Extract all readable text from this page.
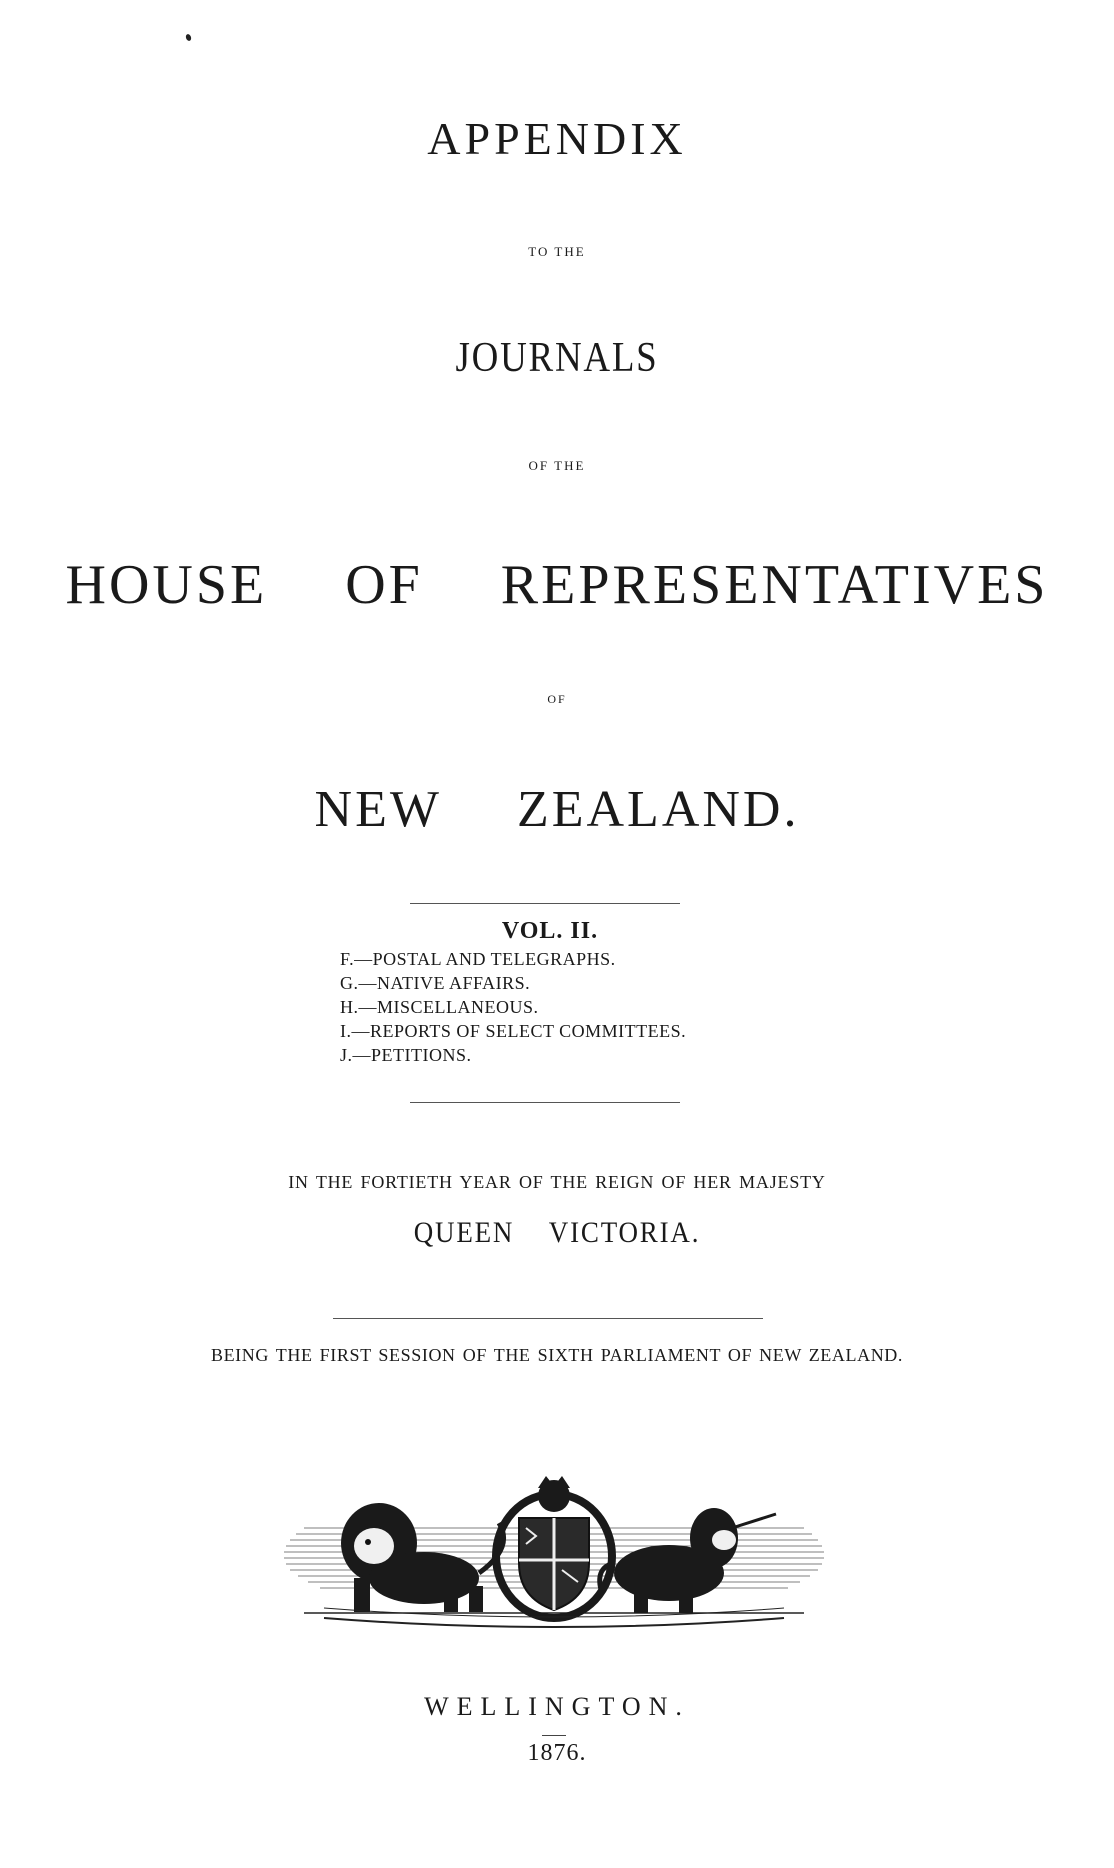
APPENDIX
TO THE
JOURNALS
OF THE
HOUSE  OF  REPRESENTATIVES
OF
NEW  ZEALAND.
VOL. II.
F.—POSTAL AND TELEGRAPHS.
G.—NATIVE AFFAIRS.
H.—MISCELLANEOUS.
I.—REPORTS OF SELECT COMMITTEES.
J.—PETITIONS.
IN THE FORTIETH YEAR OF THE REIGN OF HER MAJESTY
QUEEN  VICTORIA.
BEING THE FIRST SESSION OF THE SIXTH PARLIAMENT OF NEW ZEALAND.
WELLINGTON.
1876.
